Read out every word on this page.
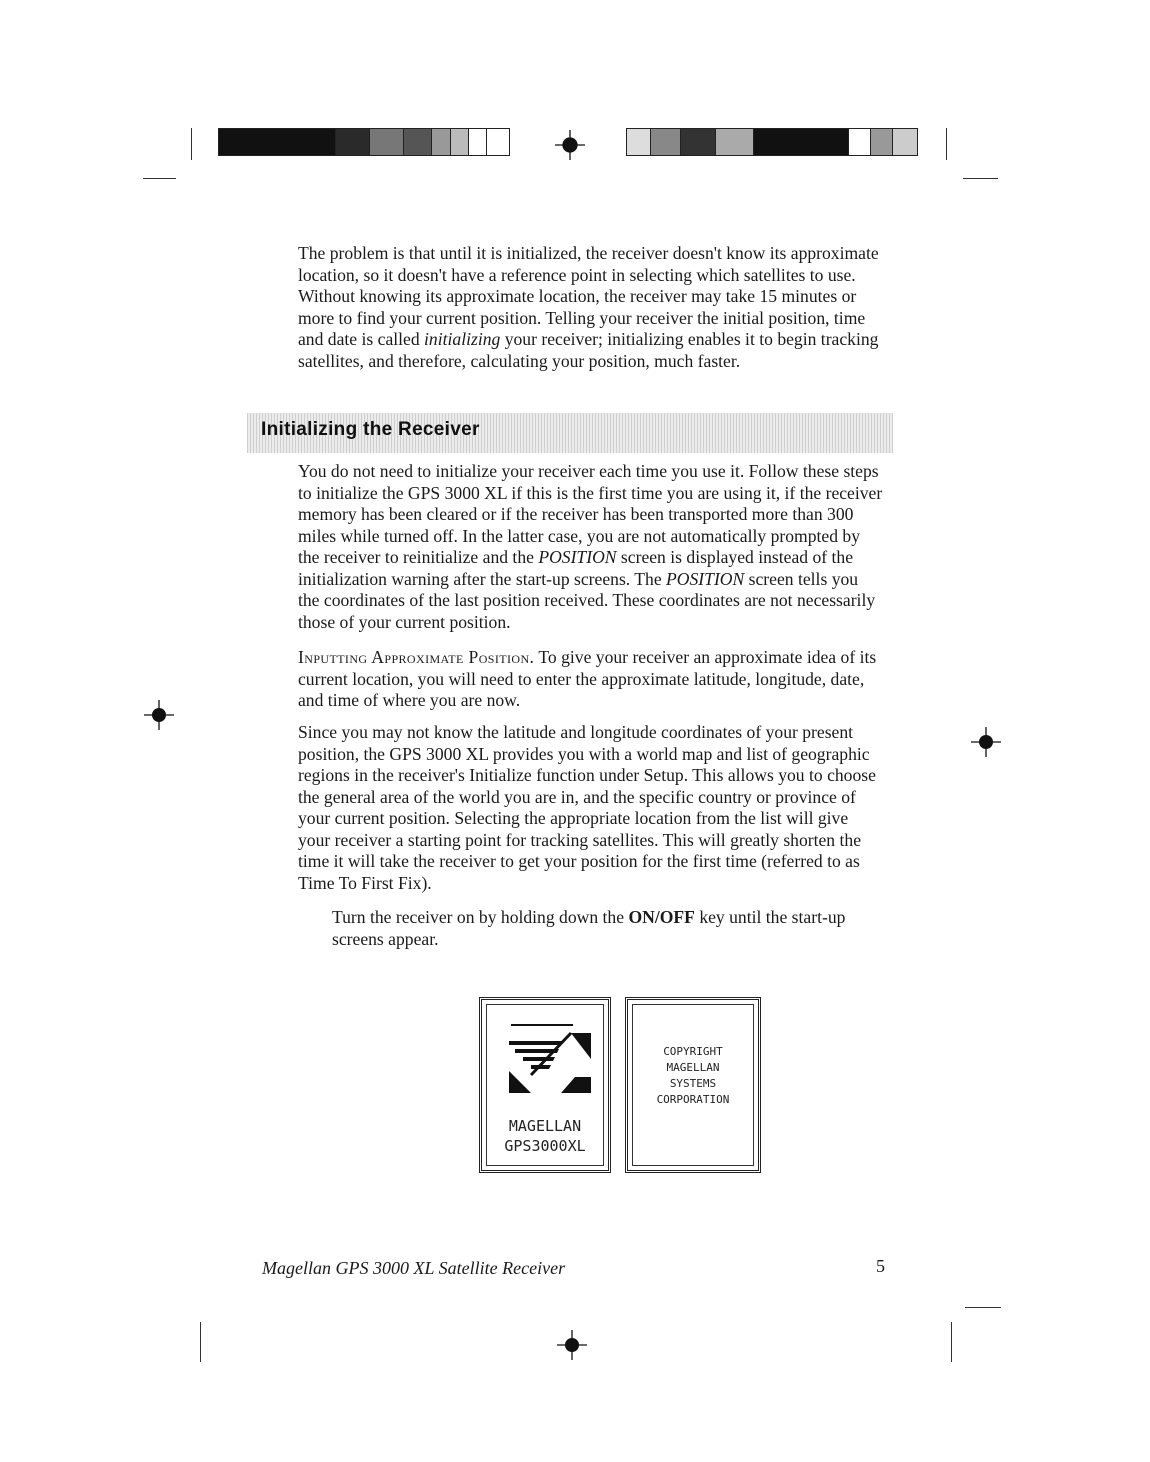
The problem is that until it is initialized, the receiver doesn't know its approximate location, so it doesn't have a reference point in selecting which satellites to use. Without knowing its approximate location, the receiver may take 15 minutes or more to find your current position. Telling your receiver the initial position, time and date is called initializing your receiver; initializing enables it to begin tracking satellites, and therefore, calculating your position, much faster.

Initializing the Receiver

You do not need to initialize your receiver each time you use it. Follow these steps to initialize the GPS 3000 XL if this is the first time you are using it, if the receiver memory has been cleared or if the receiver has been transported more than 300 miles while turned off. In the latter case, you are not automatically prompted by the receiver to reinitialize and the POSITION screen is displayed instead of the initialization warning after the start-up screens. The POSITION screen tells you the coordinates of the last position received. These coordinates are not necessarily those of your current position.

Inputting Approximate Position. To give your receiver an approximate idea of its current location, you will need to enter the approximate latitude, longitude, date, and time of where you are now.

Since you may not know the latitude and longitude coordinates of your present position, the GPS 3000 XL provides you with a world map and list of geographic regions in the receiver's Initialize function under Setup. This allows you to choose the general area of the world you are in, and the specific country or province of your current position. Selecting the appropriate location from the list will give your receiver a starting point for tracking satellites. This will greatly shorten the time it will take the receiver to get your position for the first time (referred to as Time To First Fix).

Turn the receiver on by holding down the ON/OFF key until the start-up screens appear.

MAGELLAN
GPS3000XL
COPYRIGHT
MAGELLAN
SYSTEMS
CORPORATION
Magellan GPS 3000 XL Satellite Receiver	5
